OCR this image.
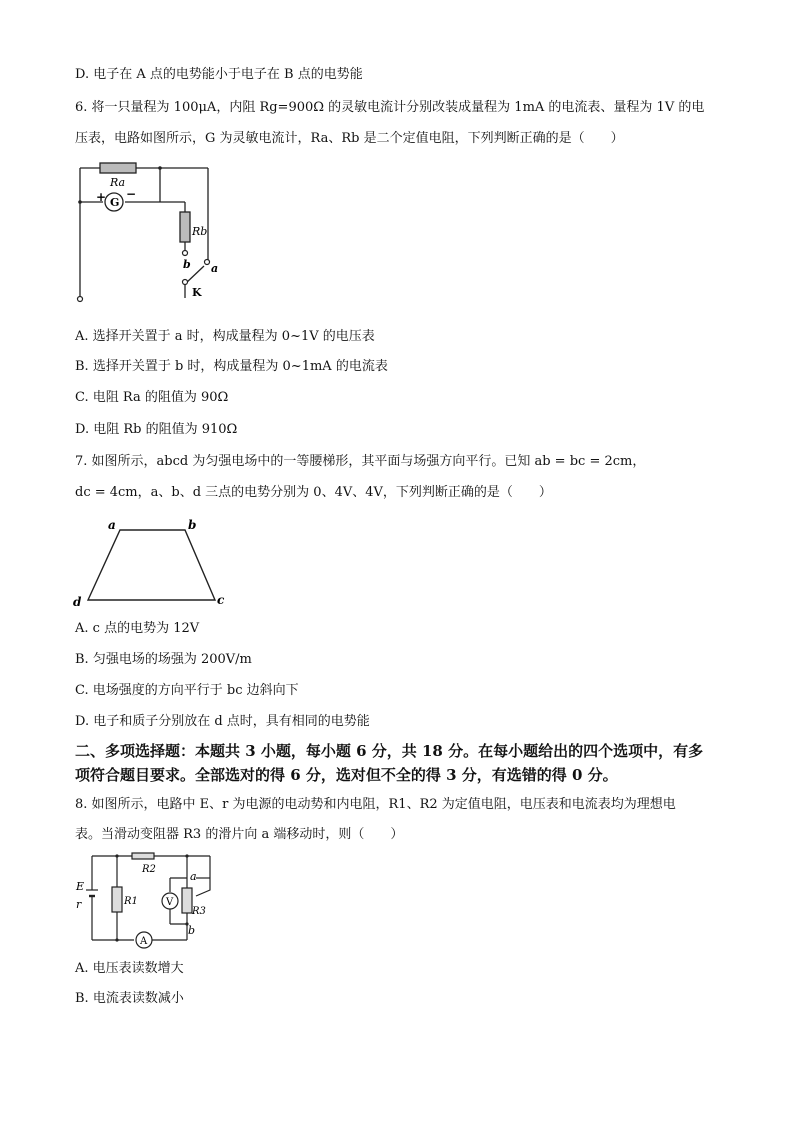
D. 电子在 A 点的电势能小于电子在 B 点的电势能
6. 将一只量程为 100μA，内阻 Rg=900Ω 的灵敏电流计分别改装成量程为 1mA 的电流表、量程为 1V 的电
压表，电路如图所示，G 为灵敏电流计，Ra、Rb 是二个定值电阻，下列判断正确的是（　　）
Ra
G
+ −
Rb
b a
K
A. 选择开关置于 a 时，构成量程为 0~1V 的电压表
B. 选择开关置于 b 时，构成量程为 0~1mA 的电流表
C. 电阻 Ra 的阻值为 90Ω
D. 电阻 Rb 的阻值为 910Ω
7. 如图所示，abcd 为匀强电场中的一等腰梯形，其平面与场强方向平行。已知 ab = bc = 2cm，
dc = 4cm，a、b、d 三点的电势分别为 0、4V、4V，下列判断正确的是（　　）
a	b
c
d
A. c 点的电势为 12V
B. 匀强电场的场强为 200V/m
C. 电场强度的方向平行于 bc 边斜向下
D. 电子和质子分别放在 d 点时，具有相同的电势能
二、多项选择题：本题共 3 小题，每小题 6 分，共 18 分。在每小题给出的四个选项中，有多
项符合题目要求。全部选对的得 6 分，选对但不全的得 3 分，有选错的得 0 分。
8. 如图所示，电路中 E、r 为电源的电动势和内电阻，R1、R2 为定值电阻，电压表和电流表均为理想电
表。当滑动变阻器 R3 的滑片向 a 端移动时，则（　　）
E
r	R1
R2
R3
V
A
a
b
A. 电压表读数增大
B. 电流表读数减小
